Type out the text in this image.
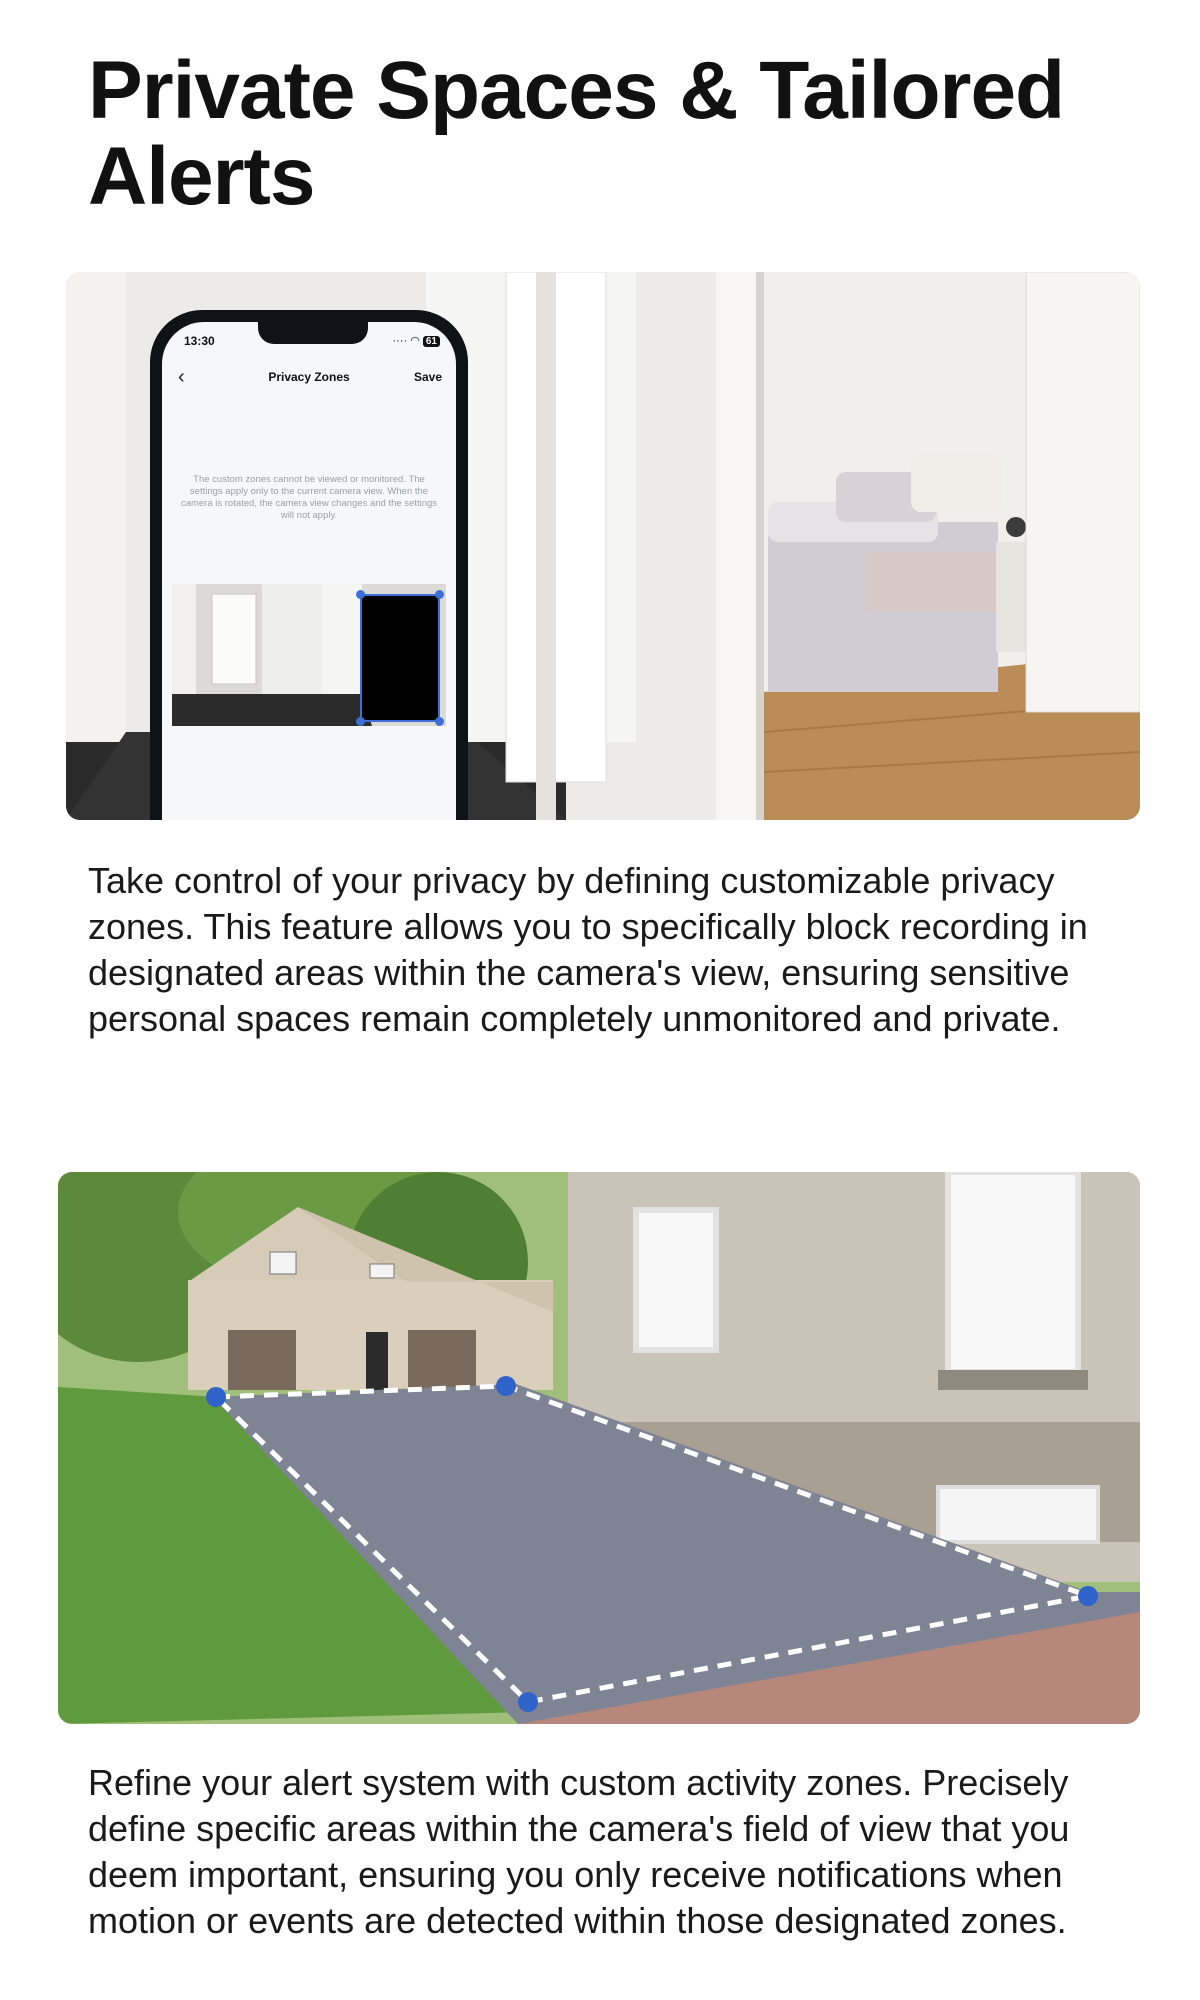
Private Spaces & Tailored Alerts
13:30	···· ◠ 61
‹	Privacy Zones	Save
The custom zones cannot be viewed or monitored. The settings apply only to the current camera view. When the camera is rotated, the camera view changes and the settings will not apply.

Take control of your privacy by defining customizable privacy zones. This feature allows you to specifically block recording in designated areas within the camera's view, ensuring sensitive personal spaces remain completely unmonitored and private.

Refine your alert system with custom activity zones. Precisely define specific areas within the camera's field of view that you deem important, ensuring you only receive notifications when motion or events are detected within those designated zones.
